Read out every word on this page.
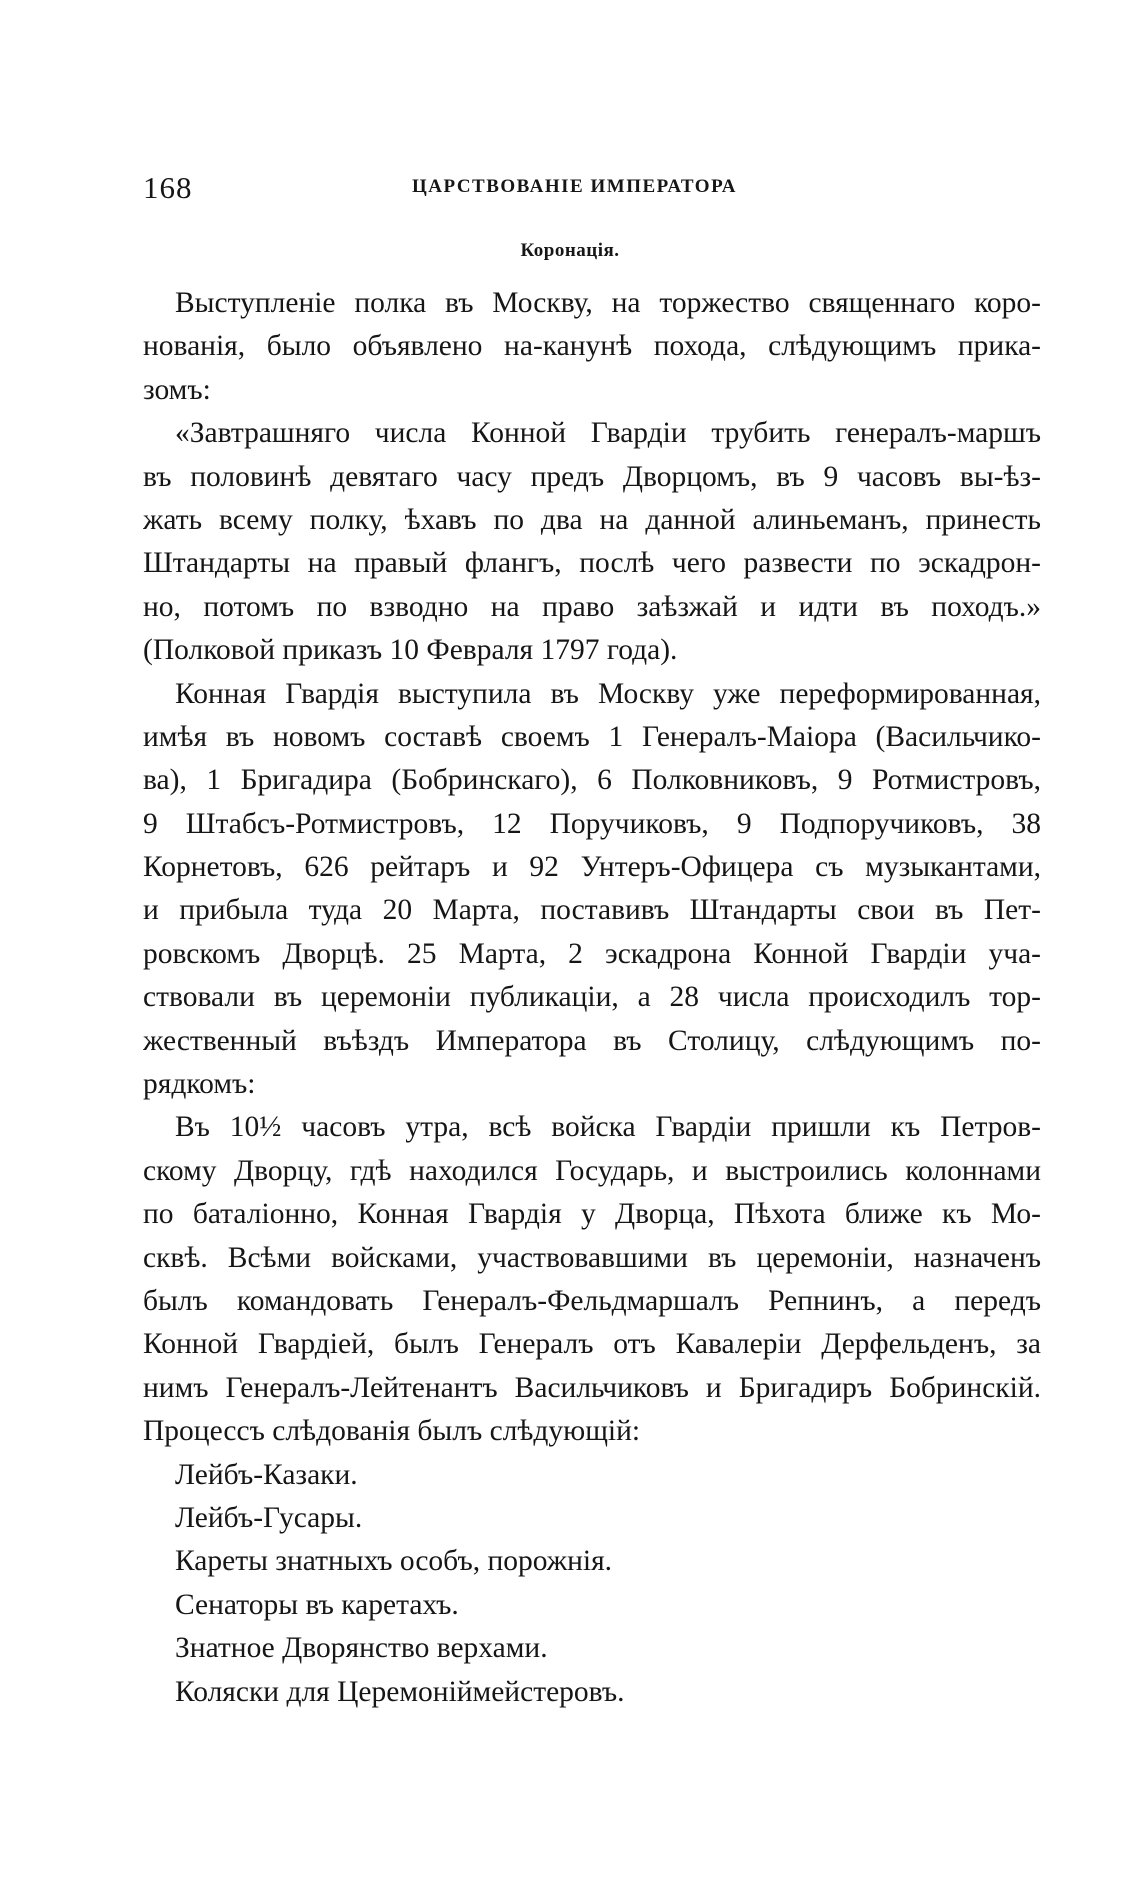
168	ЦАРСТВОВАНІЕ ИМПЕРАТОРА
Коронація.
Выступленіе полка въ Москву, на торжество священнаго коро-
нованія, было объявлено на-канунѣ похода, слѣдующимъ прика-
зомъ:
«Завтрашняго числа Конной Гвардіи трубить генералъ-маршъ
въ половинѣ девятаго часу предъ Дворцомъ, въ 9 часовъ вы-ѣз-
жать всему полку, ѣхавъ по два на данной алиньеманъ, принесть
Штандарты на правый флангъ, послѣ чего развести по эскадрон-
но, потомъ по взводно на право заѣзжай и идти въ походъ.»
(Полковой приказъ 10 Февраля 1797 года).
Конная Гвардія выступила въ Москву уже переформированная,
имѣя въ новомъ составѣ своемъ 1 Генералъ-Маіора (Васильчико-
ва), 1 Бригадира (Бобринскаго), 6 Полковниковъ, 9 Ротмистровъ,
9 Штабсъ-Ротмистровъ, 12 Поручиковъ, 9 Подпоручиковъ, 38
Корнетовъ, 626 рейтаръ и 92 Унтеръ-Офицера съ музыкантами,
и прибыла туда 20 Марта, поставивъ Штандарты свои въ Пет-
ровскомъ Дворцѣ. 25 Марта, 2 эскадрона Конной Гвардіи уча-
ствовали въ церемоніи публикаціи, а 28 числа происходилъ тор-
жественный въѣздъ Императора въ Столицу, слѣдующимъ по-
рядкомъ:
Въ 10½ часовъ утра, всѣ войска Гвардіи пришли къ Петров-
скому Дворцу, гдѣ находился Государь, и выстроились колоннами
по баталіонно, Конная Гвардія у Дворца, Пѣхота ближе къ Мо-
сквѣ. Всѣми войсками, участвовавшими въ церемоніи, назначенъ
былъ командовать Генералъ-Фельдмаршалъ Репнинъ, а передъ
Конной Гвардіей, былъ Генералъ отъ Кавалеріи Дерфельденъ, за
нимъ Генералъ-Лейтенантъ Васильчиковъ и Бригадиръ Бобринскій.
Процессъ слѣдованія былъ слѣдующій:
Лейбъ-Казаки.
Лейбъ-Гусары.
Кареты знатныхъ особъ, порожнія.
Сенаторы въ каретахъ.
Знатное Дворянство верхами.
Коляски для Церемоніймейстеровъ.
